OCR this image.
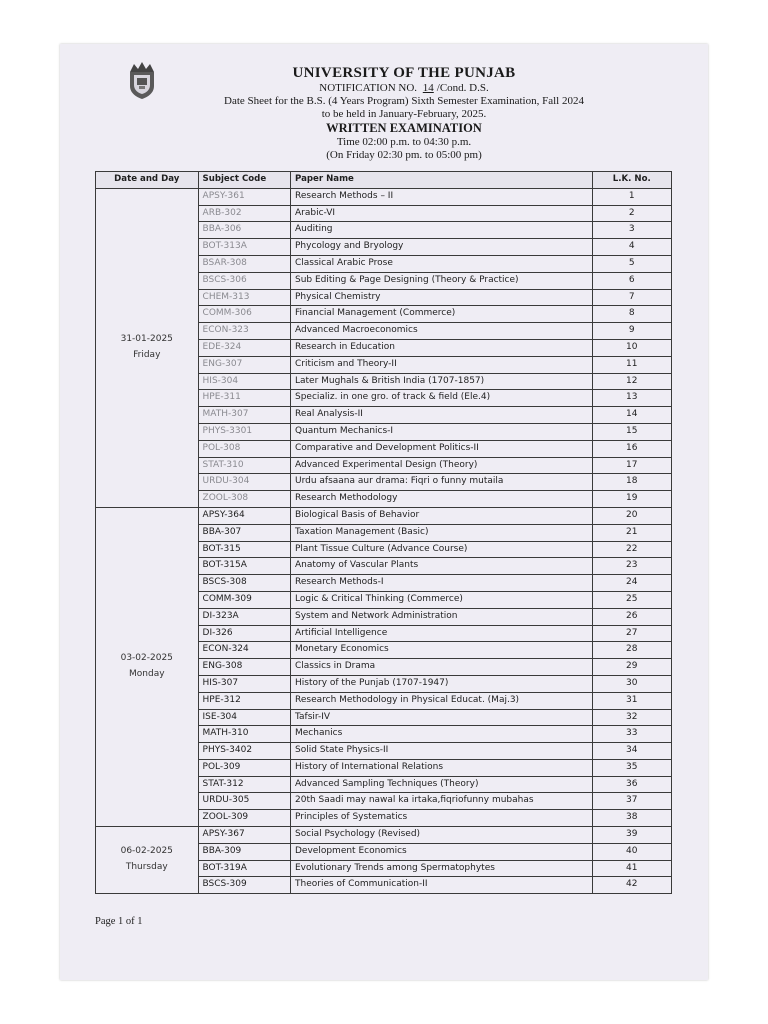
UNIVERSITY OF THE PUNJAB
NOTIFICATION NO. 14 /Cond. D.S.
Date Sheet for the B.S. (4 Years Program) Sixth Semester Examination, Fall 2024
to be held in January-February, 2025.
WRITTEN EXAMINATION
Time 02:00 p.m. to 04:30 p.m.
(On Friday 02:30 pm. to 05:00 pm)
Date and Day	Subject Code	Paper Name	L.K. No.

31-01-2025
Friday	APSY-361	Research Methods – II	1
	ARB-302	Arabic-VI	2
	BBA-306	Auditing	3
	BOT-313A	Phycology and Bryology	4
	BSAR-308	Classical Arabic Prose	5
	BSCS-306	Sub Editing & Page Designing (Theory & Practice)	6
	CHEM-313	Physical Chemistry	7
	COMM-306	Financial Management (Commerce)	8
	ECON-323	Advanced Macroeconomics	9
	EDE-324	Research in Education	10
	ENG-307	Criticism and Theory-II	11
	HIS-304	Later Mughals & British India (1707-1857)	12
	HPE-311	Specializ. in one gro. of track & field (Ele.4)	13
	MATH-307	Real Analysis-II	14
	PHYS-3301	Quantum Mechanics-I	15
	POL-308	Comparative and Development Politics-II	16
	STAT-310	Advanced Experimental Design (Theory)	17
	URDU-304	Urdu afsaana aur drama: Fiqri o funny mutaila	18
	ZOOL-308	Research Methodology	19

03-02-2025
Monday	APSY-364	Biological Basis of Behavior	20
	BBA-307	Taxation Management (Basic)	21
	BOT-315	Plant Tissue Culture (Advance Course)	22
	BOT-315A	Anatomy of Vascular Plants	23
	BSCS-308	Research Methods-I	24
	COMM-309	Logic & Critical Thinking (Commerce)	25
	DI-323A	System and Network Administration	26
	DI-326	Artificial Intelligence	27
	ECON-324	Monetary Economics	28
	ENG-308	Classics in Drama	29
	HIS-307	History of the Punjab (1707-1947)	30
	HPE-312	Research Methodology in Physical Educat. (Maj.3)	31
	ISE-304	Tafsir-IV	32
	MATH-310	Mechanics	33
	PHYS-3402	Solid State Physics-II	34
	POL-309	History of International Relations	35
	STAT-312	Advanced Sampling Techniques (Theory)	36
	URDU-305	20th Saadi may nawal ka irtaka,fiqriofunny mubahas	37
	ZOOL-309	Principles of Systematics	38

06-02-2025
Thursday	APSY-367	Social Psychology (Revised)	39
	BBA-309	Development Economics	40
	BOT-319A	Evolutionary Trends among Spermatophytes	41
	BSCS-309	Theories of Communication-II	42
Page 1 of 1
